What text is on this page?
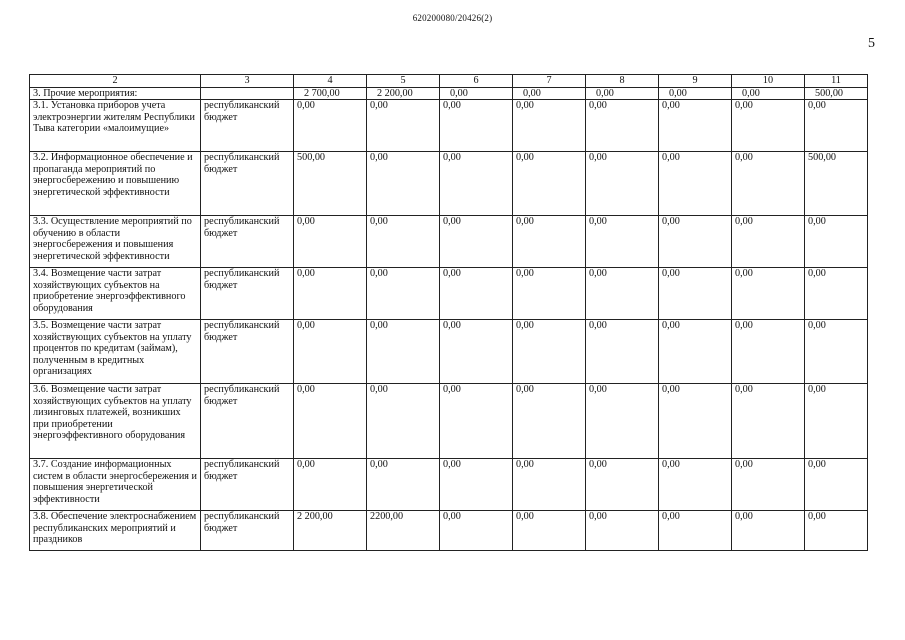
620200080/20426(2)
5
2	3	4	5	6	7	8	9	10	11
3. Прочие мероприятия:		2 700,00	2 200,00	0,00	0,00	0,00	0,00	0,00	500,00
3.1. Установка приборов учета электроэнергии жителям Республики Тыва категории «малоимущие»	республиканский бюджет	0,00	0,00	0,00	0,00	0,00	0,00	0,00	0,00
3.2. Информационное обеспечение и пропаганда мероприятий по энергосбережению и повышению энергетической эффективности	республиканский бюджет	500,00	0,00	0,00	0,00	0,00	0,00	0,00	500,00
3.3. Осуществление мероприятий по обучению в области энергосбережения и повышения энергетической эффективности	республиканский бюджет	0,00	0,00	0,00	0,00	0,00	0,00	0,00	0,00
3.4. Возмещение части затрат хозяйствующих субъектов на приобретение энергоэффективного оборудования	республиканский бюджет	0,00	0,00	0,00	0,00	0,00	0,00	0,00	0,00
3.5. Возмещение части затрат хозяйствующих субъектов на уплату процентов по кредитам (займам), полученным в кредитных организациях	республиканский бюджет	0,00	0,00	0,00	0,00	0,00	0,00	0,00	0,00
3.6. Возмещение части затрат хозяйствующих субъектов на уплату лизинговых платежей, возникших при приобретении энергоэффективного оборудования	республиканский бюджет	0,00	0,00	0,00	0,00	0,00	0,00	0,00	0,00
3.7. Создание информационных систем в области энергосбережения и повышения энергетической эффективности	республиканский бюджет	0,00	0,00	0,00	0,00	0,00	0,00	0,00	0,00
3.8. Обеспечение электроснабжением республиканских мероприятий и праздников	республиканский бюджет	2 200,00	2200,00	0,00	0,00	0,00	0,00	0,00	0,00
